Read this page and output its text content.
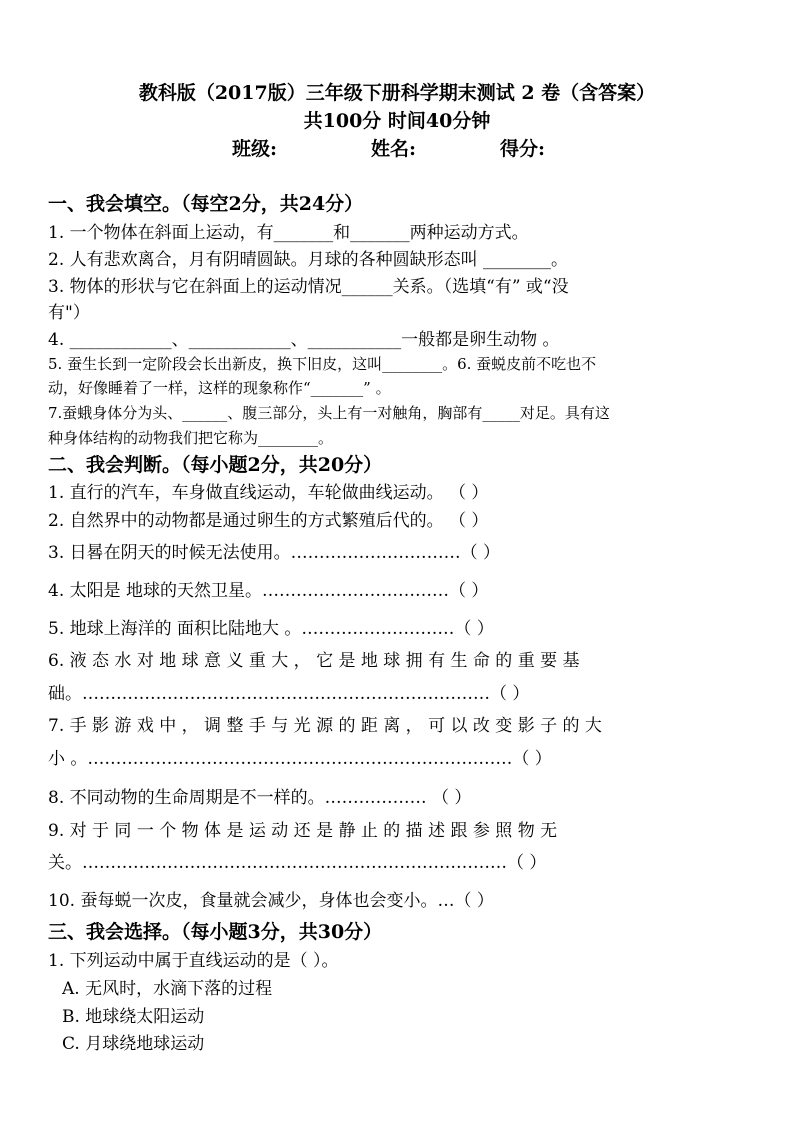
教科版（2017版）三年级下册科学期末测试 2 卷（含答案）
共100分 时间40分钟
班级:	姓名:	得分:
一、我会填空。（每空2分，共24分）
1. 一个物体在斜面上运动，有_______和_______两种运动方式。
2. 人有悲欢离合，月有阴晴圆缺。月球的各种圆缺形态叫 ________。
3. 物体的形状与它在斜面上的运动情况______关系。（选填“有” 或“没
有"）
4. ____________、____________、___________一般都是卵生动物 。
5. 蚕生长到一定阶段会长出新皮，换下旧皮，这叫________。6. 蚕蜕皮前不吃也不
动，好像睡着了一样，这样的现象称作“_______” 。
7.蚕蛾身体分为头、______、腹三部分，头上有一对触角，胸部有_____对足。具有这
种身体结构的动物我们把它称为________。
二、我会判断。（每小题2分，共20分）
1. 直行的汽车，车身做直线运动，车轮做曲线运动。 （ ）
2. 自然界中的动物都是通过卵生的方式繁殖后代的。 （ ）
3. 日晷在阴天的时候无法使用。…………………………（ ）
4. 太阳是 地球的天然卫星。……………………………（ ）
5. 地球上海洋的 面积比陆地大 。………………………（ ）
6. 液 态 水 对 地 球 意 义 重 大 ， 它 是 地 球 拥 有 生 命 的 重 要 基
础。………………………………………………………………（ ）
7. 手 影 游 戏 中 ， 调 整 手 与 光 源 的 距 离 ， 可 以 改 变 影 子 的 大
小 。…………………………………………………………………（ ）
8. 不同动物的生命周期是不一样的。……………… （ ）
9. 对 于 同 一 个 物 体 是 运 动 还 是 静 止 的 描 述 跟 参 照 物 无
关。…………………………………………………………………（ ）
10. 蚕每蜕一次皮，食量就会减少，身体也会变小。…（ ）
三、我会选择。（每小题3分，共30分）
1. 下列运动中属于直线运动的是（ ）。
A. 无风时，水滴下落的过程
B. 地球绕太阳运动
C. 月球绕地球运动
